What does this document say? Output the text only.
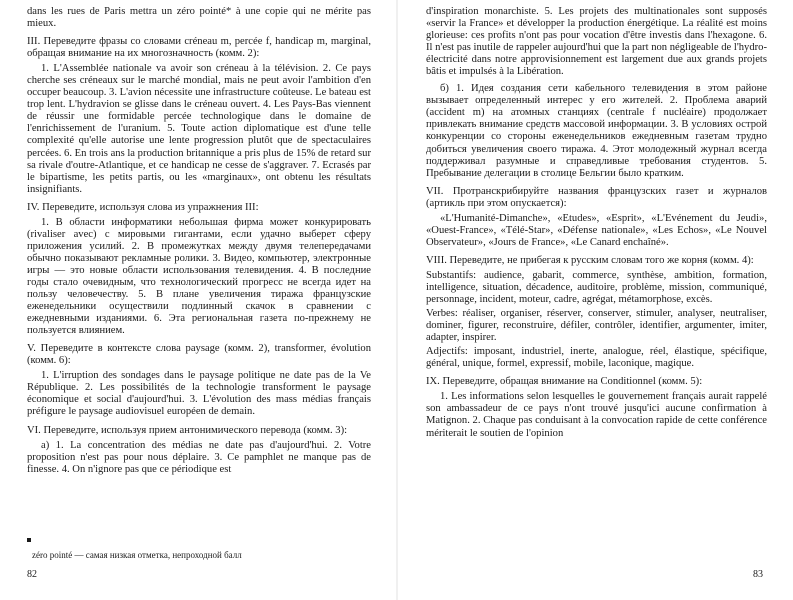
dans les rues de Paris mettra un zéro pointé* à une copie qui ne mérite pas mieux.

III. Переведите фразы со словами créneau m, percée f, handicap m, marginal, обращая внимание на их многозначность (комм. 2):

1. L'Assemblée nationale va avoir son créneau à la télévision. 2. Ce pays cherche ses créneaux sur le marché mondial, mais ne peut avoir l'ambition d'en occuper beaucoup. 3. L'avion nécessite une infrastructure coûteuse. Le bateau est trop lent. L'hydravion se glisse dans le créneau ouvert. 4. Les Pays-Bas viennent de réussir une formidable percée technologique dans le domaine de l'enrichissement de l'uranium. 5. Toute action diplomatique est d'une telle complexité qu'elle autorise une lente progression plutôt que de spectaculaires percées. 6. En trois ans la production britannique a pris plus de 15% de retard sur sa rivale d'outre-Atlantique, et ce handicap ne cesse de s'aggraver. 7. Ecrasés par le bipartisme, les petits partis, ou les «marginaux», ont obtenu les résultats insignifiants.

IV. Переведите, используя слова из упражнения III:

1. В области информатики небольшая фирма может конкурировать (rivaliser avec) с мировыми гигантами, если удачно выберет сферу приложения усилий. 2. В промежутках между двумя телепередачами обычно показывают рекламные ролики. 3. Видео, компьютер, электронные игры — это новые области использования телевидения. 4. В последние годы стало очевидным, что технологический прогресс не всегда идет на пользу человечеству. 5. В плане увеличения тиража французские еженедельники осуществили подлинный скачок в сравнении с ежедневными изданиями. 6. Эта региональная газета по-прежнему не пользуется влиянием.

V. Переведите в контексте слова paysage (комм. 2), transformer, évolution (комм. 6):

1. L'irruption des sondages dans le paysage politique ne date pas de la Ve République. 2. Les possibilités de la technologie transforment le paysage économique et social d'aujourd'hui. 3. L'évolution des mass médias français préfigure le paysage audiovisuel européen de demain.

VI. Переведите, используя прием антонимического перевода (комм. 3):

a) 1. La concentration des médias ne date pas d'aujourd'hui. 2. Votre proposition n'est pas pour nous déplaire. 3. Ce pamphlet ne manque pas de finesse. 4. On n'ignore pas que ce périodique est

zéro pointé — самая низкая отметка, непроходной балл
82

d'inspiration monarchiste. 5. Les projets des multinationales sont supposés «servir la France» et développer la production énergétique. La réalité est moins glorieuse: ces profits n'ont pas pour vocation d'être investis dans l'hexagone. 6. Il n'est pas inutile de rappeler aujourd'hui que la part non négligeable de l'hydro-électricité dans notre approvisionnement est largement due aux grands projets bâtis et impulsés à la Libération.

б) 1. Идея создания сети кабельного телевидения в этом районе вызывает определенный интерес у его жителей. 2. Проблема аварий (accident m) на атомных станциях (centrale f nucléaire) продолжает привлекать внимание средств массовой информации. 3. В условиях острой конкуренции со стороны еженедельников ежедневным газетам трудно добиться увеличения своего тиража. 4. Этот молодежный журнал всегда поддерживал разумные и справедливые требования студентов. 5. Пребывание делегации в столице Бельгии было кратким.

VII. Протранскрибируйте названия французских газет и журналов (артикль при этом опускается):

«L'Humanité-Dimanche», «Etudes», «Esprit», «L'Evénement du Jeudi», «Ouest-France», «Télé-Star», «Défense nationale», «Les Echos», «Le Nouvel Observateur», «Jours de France», «Le Canard enchaîné».

VIII. Переведите, не прибегая к русским словам того же корня (комм. 4):

Substantifs: audience, gabarit, commerce, synthèse, ambition, formation, intelligence, situation, décadence, auditoire, problème, mission, communiqué, personnage, incident, moteur, cadre, agrégat, métamorphose, excès.

Verbes: réaliser, organiser, réserver, conserver, stimuler, analyser, neutraliser, dominer, figurer, reconstruire, défiler, contrôler, identifier, argumenter, imiter, adapter, inspirer.

Adjectifs: imposant, industriel, inerte, analogue, réel, élastique, spécifique, général, unique, formel, expressif, mobile, laconique, magique.

IX. Переведите, обращая внимание на Conditionnel (комм. 5):

1. Les informations selon lesquelles le gouvernement français aurait rappelé son ambassadeur de ce pays n'ont trouvé jusqu'ici aucune confirmation à Matignon. 2. Chaque pas conduisant à la convocation rapide de cette conférence mériterait le soutien de l'opinion

83
